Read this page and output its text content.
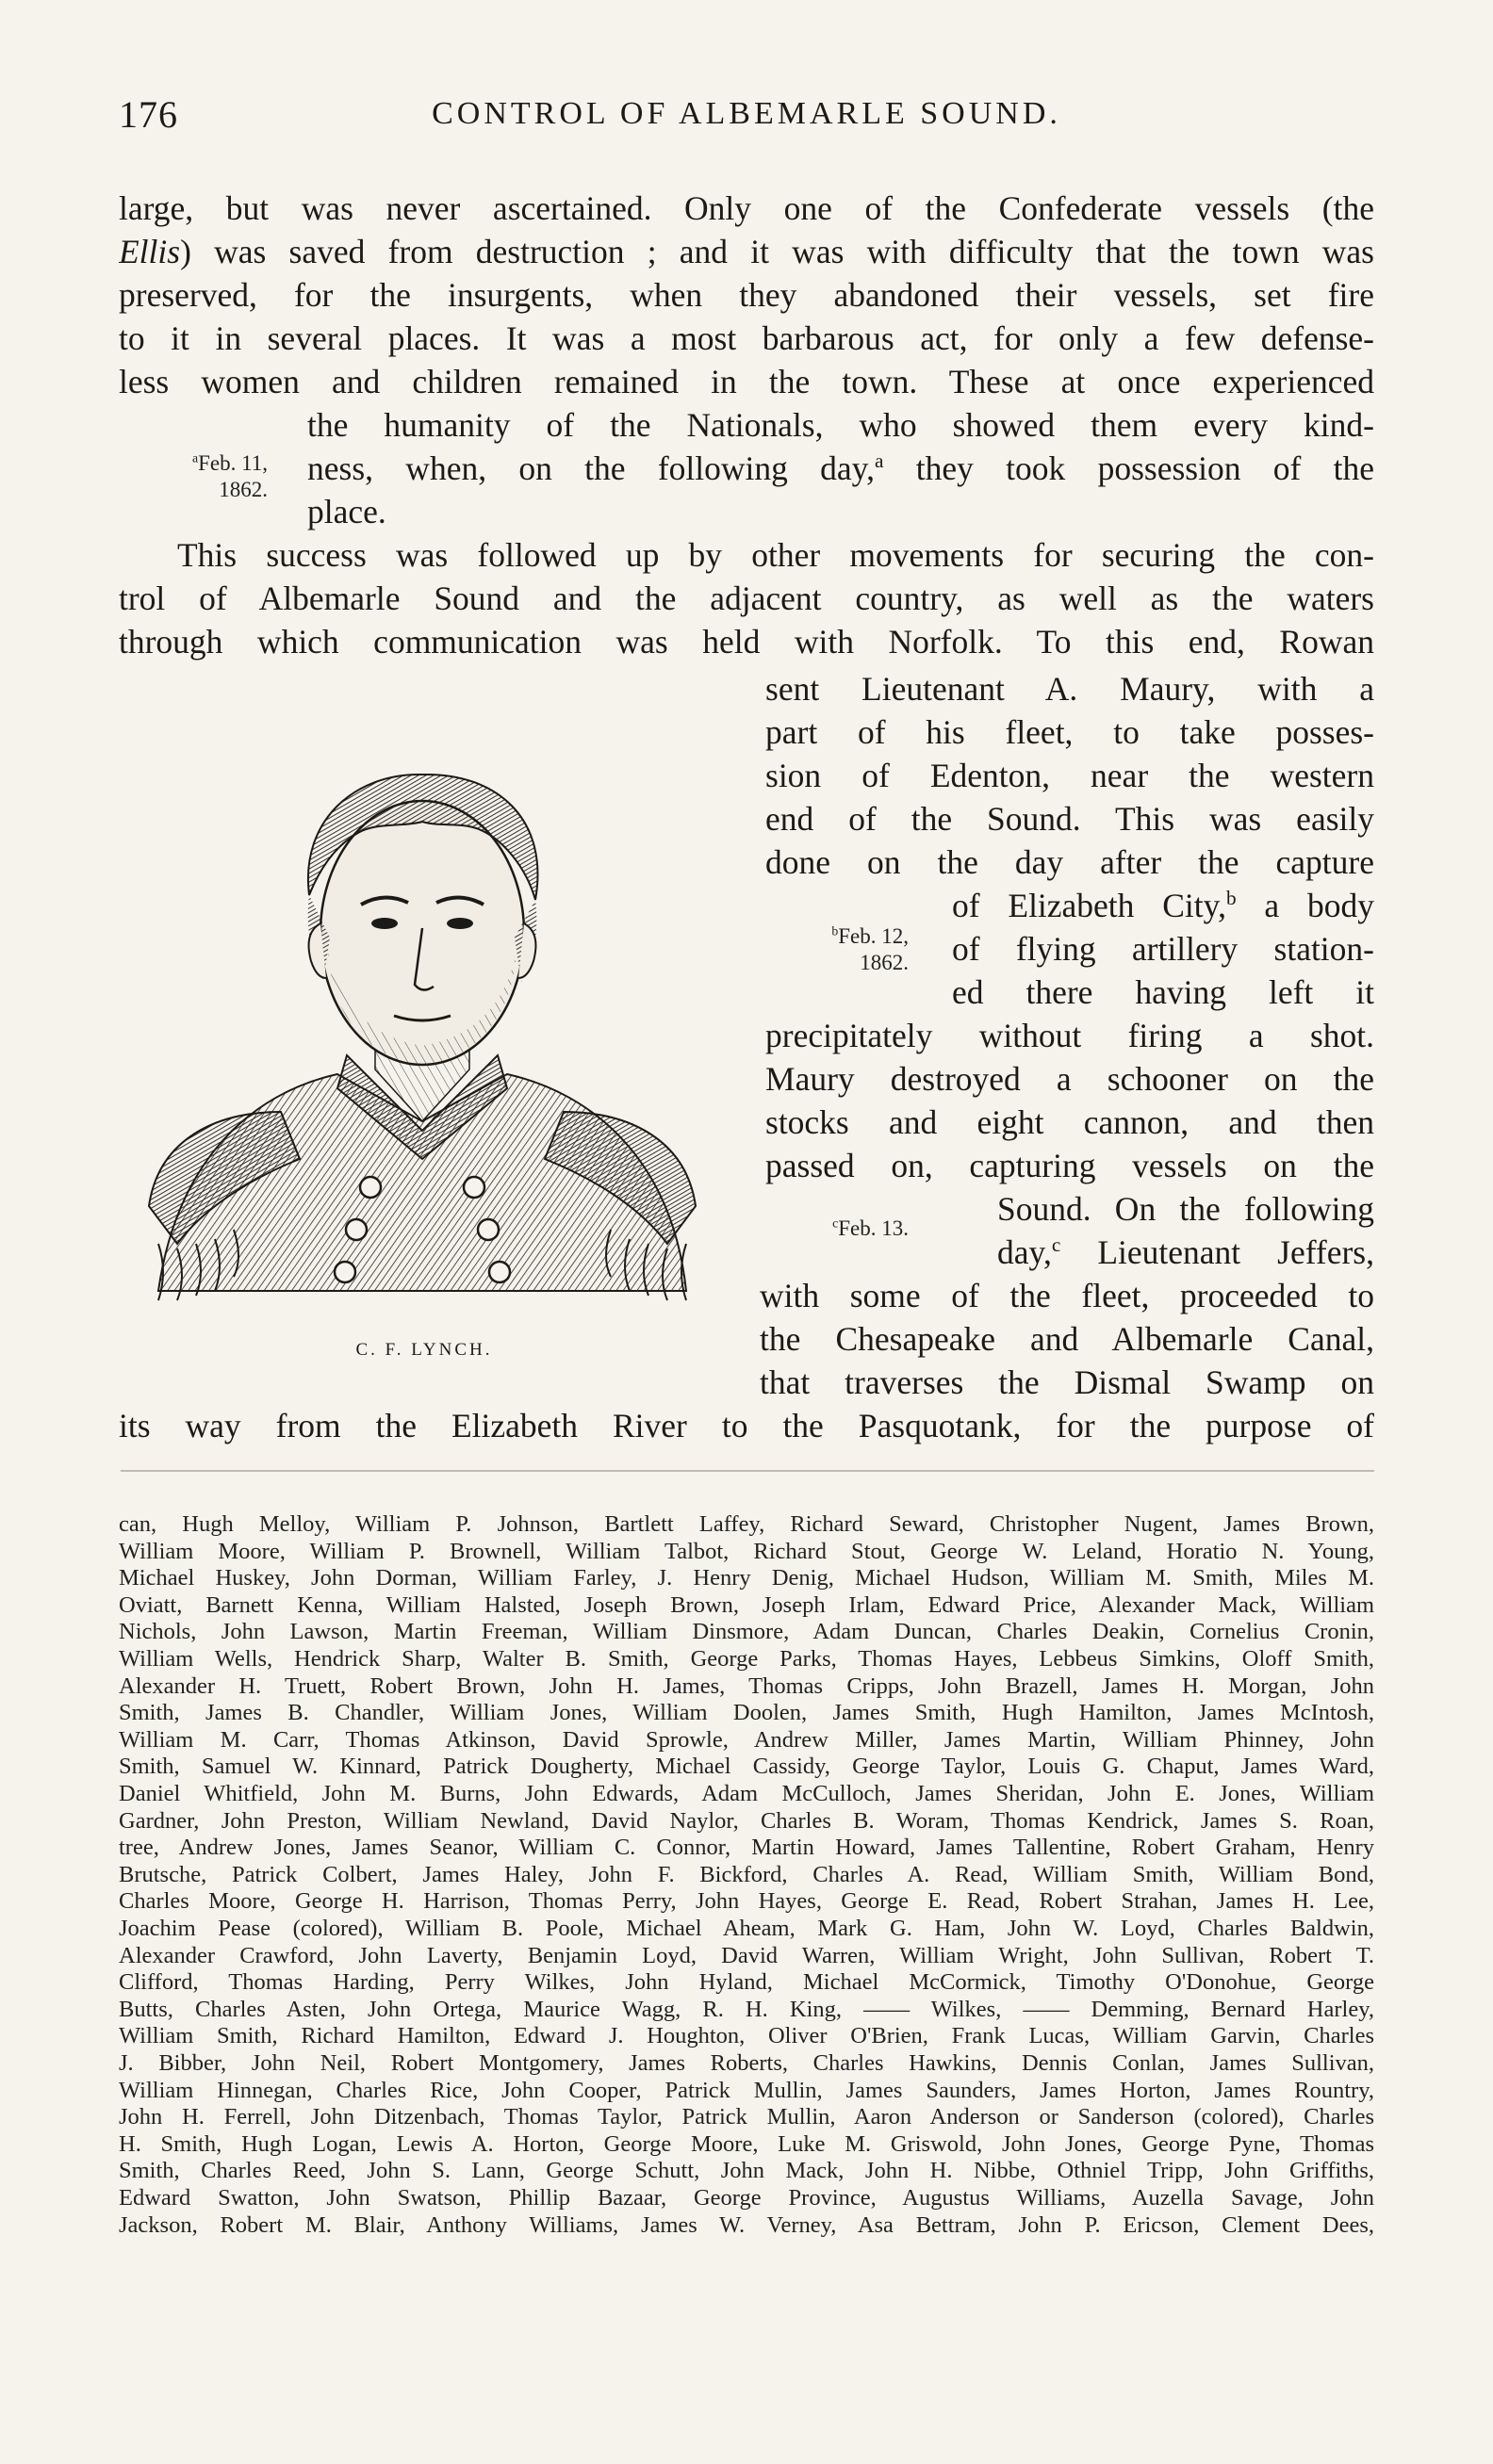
176	CONTROL OF ALBEMARLE SOUND.
large, but was never ascertained. Only one of the Confederate vessels (the
Ellis) was saved from destruction ; and it was with difficulty that the town was
preserved, for the insurgents, when they abandoned their vessels, set fire
to it in several places. It was a most barbarous act, for only a few defense-
less women and children remained in the town. These at once experienced
the humanity of the Nationals, who showed them every kind-
ness, when, on the following day,$^a$ they took possession of the
place.
This success was followed up by other movements for securing the con-
trol of Albemarle Sound and the adjacent country, as well as the waters
through which communication was held with Norfolk. To this end, Rowan
sent Lieutenant A. Maury, with a
part of his fleet, to take posses-
sion of Edenton, near the western
end of the Sound. This was easily
done on the day after the capture
of Elizabeth City,$^b$ a body
of flying artillery station-
ed there having left it
precipitately without firing a shot.
Maury destroyed a schooner on the
stocks and eight cannon, and then
passed on, capturing vessels on the
Sound. On the following
day,$^c$ Lieutenant Jeffers,
with some of the fleet, proceeded to
the Chesapeake and Albemarle Canal,
that traverses the Dismal Swamp on
its way from the Elizabeth River to the Pasquotank, for the purpose of
$^a$Feb. 11,
1862.
$^b$Feb. 12,
1862.
$^c$Feb. 13.
C. F. LYNCH.
can, Hugh Melloy, William P. Johnson, Bartlett Laffey, Richard Seward, Christopher Nugent, James Brown,
William Moore, William P. Brownell, William Talbot, Richard Stout, George W. Leland, Horatio N. Young,
Michael Huskey, John Dorman, William Farley, J. Henry Denig, Michael Hudson, William M. Smith, Miles M.
Oviatt, Barnett Kenna, William Halsted, Joseph Brown, Joseph Irlam, Edward Price, Alexander Mack, William
Nichols, John Lawson, Martin Freeman, William Dinsmore, Adam Duncan, Charles Deakin, Cornelius Cronin,
William Wells, Hendrick Sharp, Walter B. Smith, George Parks, Thomas Hayes, Lebbeus Simkins, Oloff Smith,
Alexander H. Truett, Robert Brown, John H. James, Thomas Cripps, John Brazell, James H. Morgan, John
Smith, James B. Chandler, William Jones, William Doolen, James Smith, Hugh Hamilton, James McIntosh,
William M. Carr, Thomas Atkinson, David Sprowle, Andrew Miller, James Martin, William Phinney, John
Smith, Samuel W. Kinnard, Patrick Dougherty, Michael Cassidy, George Taylor, Louis G. Chaput, James Ward,
Daniel Whitfield, John M. Burns, John Edwards, Adam McCulloch, James Sheridan, John E. Jones, William
Gardner, John Preston, William Newland, David Naylor, Charles B. Woram, Thomas Kendrick, James S. Roan,
tree, Andrew Jones, James Seanor, William C. Connor, Martin Howard, James Tallentine, Robert Graham, Henry
Brutsche, Patrick Colbert, James Haley, John F. Bickford, Charles A. Read, William Smith, William Bond,
Charles Moore, George H. Harrison, Thomas Perry, John Hayes, George E. Read, Robert Strahan, James H. Lee,
Joachim Pease (colored), William B. Poole, Michael Aheam, Mark G. Ham, John W. Loyd, Charles Baldwin,
Alexander Crawford, John Laverty, Benjamin Loyd, David Warren, William Wright, John Sullivan, Robert T.
Clifford, Thomas Harding, Perry Wilkes, John Hyland, Michael McCormick, Timothy O'Donohue, George
Butts, Charles Asten, John Ortega, Maurice Wagg, R. H. King, —— Wilkes, —— Demming, Bernard Harley,
William Smith, Richard Hamilton, Edward J. Houghton, Oliver O'Brien, Frank Lucas, William Garvin, Charles
J. Bibber, John Neil, Robert Montgomery, James Roberts, Charles Hawkins, Dennis Conlan, James Sullivan,
William Hinnegan, Charles Rice, John Cooper, Patrick Mullin, James Saunders, James Horton, James Rountry,
John H. Ferrell, John Ditzenbach, Thomas Taylor, Patrick Mullin, Aaron Anderson or Sanderson (colored), Charles
H. Smith, Hugh Logan, Lewis A. Horton, George Moore, Luke M. Griswold, John Jones, George Pyne, Thomas
Smith, Charles Reed, John S. Lann, George Schutt, John Mack, John H. Nibbe, Othniel Tripp, John Griffiths,
Edward Swatton, John Swatson, Phillip Bazaar, George Province, Augustus Williams, Auzella Savage, John
Jackson, Robert M. Blair, Anthony Williams, James W. Verney, Asa Bettram, John P. Ericson, Clement Dees,
